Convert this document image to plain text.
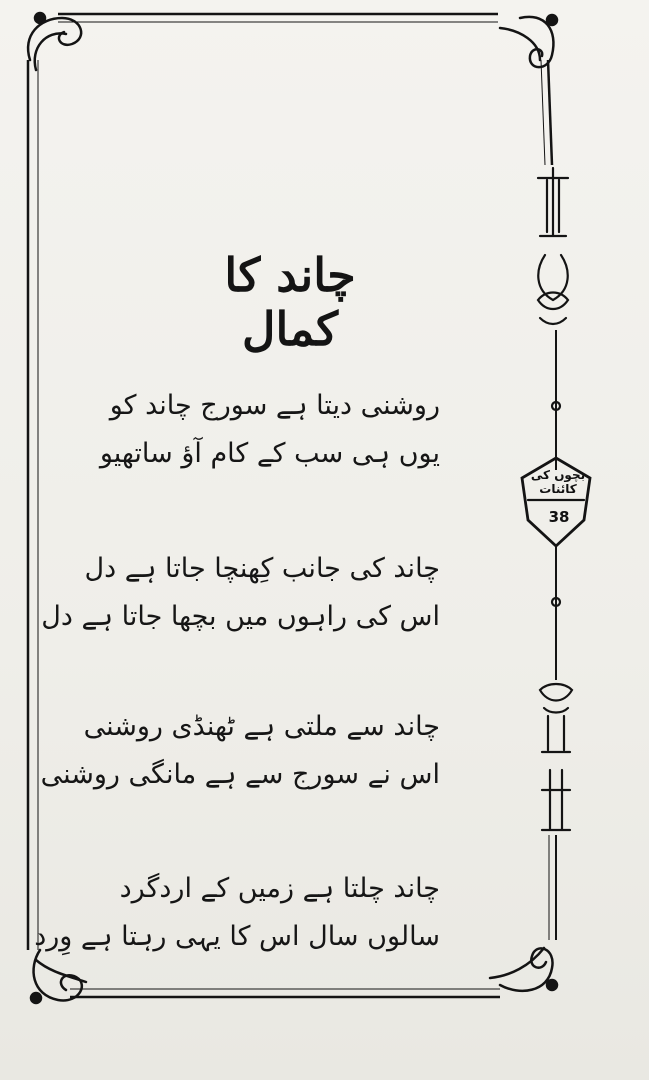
بچوں کی کائنات
38
چاند کا کمال
روشنی دیتا ہے سورج چاند کو
یوں ہی سب کے کام آؤ ساتھیو
چاند کی جانب کِھنچا جاتا ہے دل
اس کی راہوں میں بچھا جاتا ہے دل
چاند سے ملتی ہے ٹھنڈی روشنی
اس نے سورج سے ہے مانگی روشنی
چاند چلتا ہے زمیں کے اردگرد
سالوں سال اس کا یہی رہتا ہے وِرد
